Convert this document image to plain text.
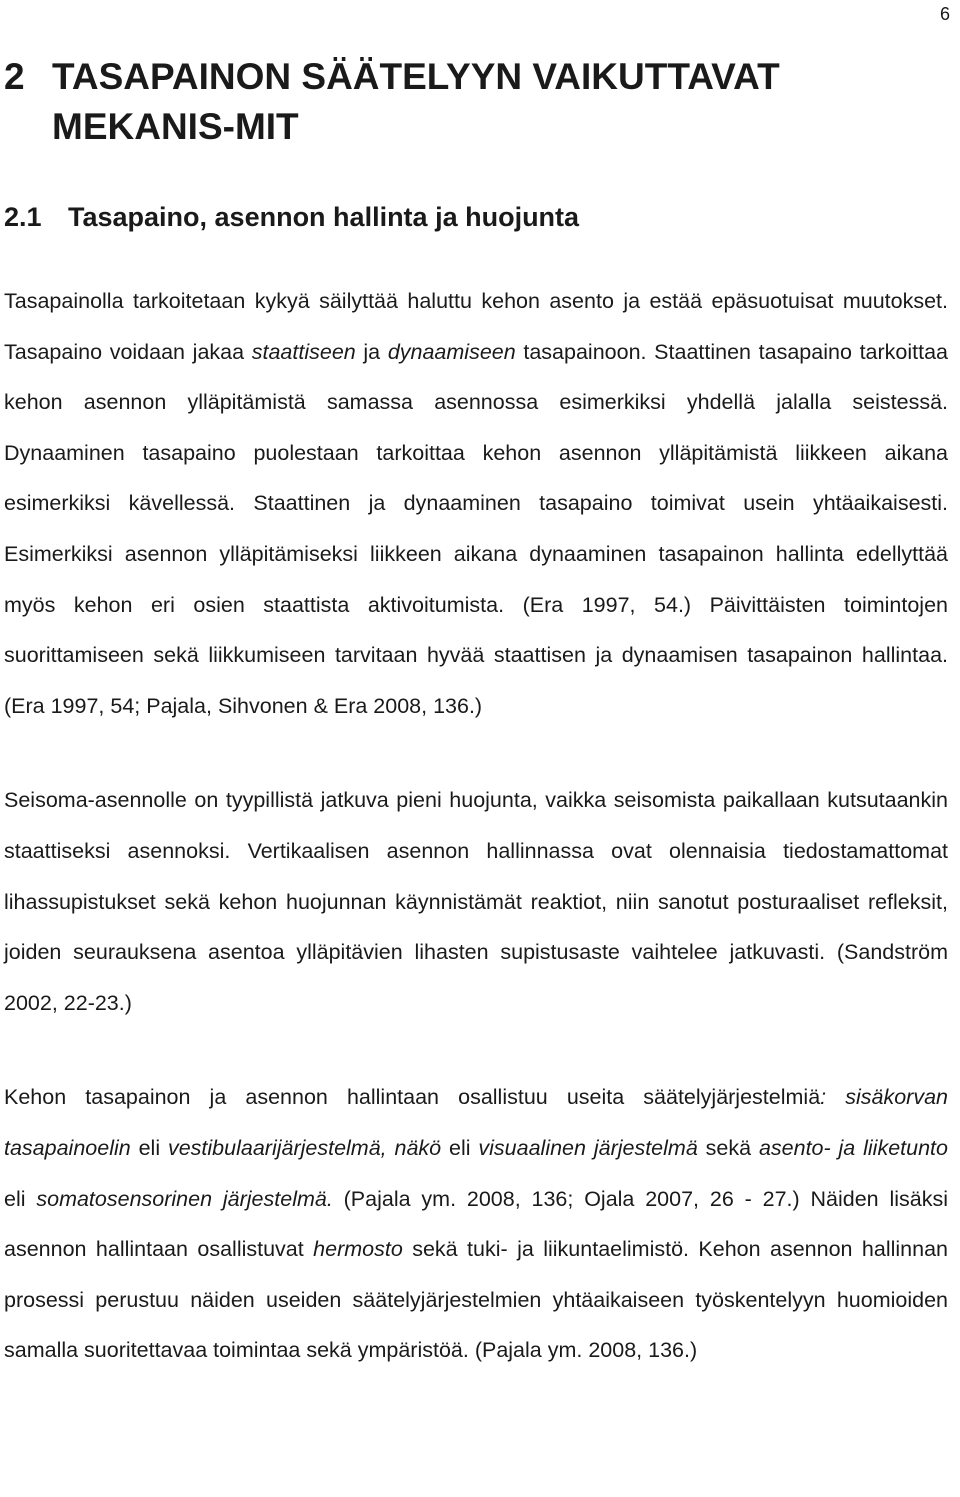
6
2 TASAPAINON SÄÄTELYYN VAIKUTTAVAT MEKANIS-MIT
2.1 Tasapaino, asennon hallinta ja huojunta

Tasapainolla tarkoitetaan kykyä säilyttää haluttu kehon asento ja estää epäsuotuisat muutokset. Tasapaino voidaan jakaa staattiseen ja dynaamiseen tasapainoon. Staattinen tasapaino tarkoittaa kehon asennon ylläpitämistä samassa asennossa esimerkiksi yhdellä jalalla seistessä. Dynaaminen tasapaino puolestaan tarkoittaa kehon asennon ylläpitämistä liikkeen aikana esimerkiksi kävellessä. Staattinen ja dynaaminen tasapaino toimivat usein yhtäaikaisesti. Esimerkiksi asennon ylläpitämiseksi liikkeen aikana dynaaminen tasapainon hallinta edellyttää myös kehon eri osien staattista aktivoitumista. (Era 1997, 54.) Päivittäisten toimintojen suorittamiseen sekä liikkumiseen tarvitaan hyvää staattisen ja dynaamisen tasapainon hallintaa. (Era 1997, 54; Pajala, Sihvonen & Era 2008, 136.)

Seisoma-asennolle on tyypillistä jatkuva pieni huojunta, vaikka seisomista paikallaan kutsutaankin staattiseksi asennoksi. Vertikaalisen asennon hallinnassa ovat olennaisia tiedostamattomat lihassupistukset sekä kehon huojunnan käynnistämät reaktiot, niin sanotut posturaaliset refleksit, joiden seurauksena asentoa ylläpitävien lihasten supistusaste vaihtelee jatkuvasti. (Sandström 2002, 22-23.)

Kehon tasapainon ja asennon hallintaan osallistuu useita säätelyjärjestelmiä: sisäkorvan tasapainoelin eli vestibulaarijärjestelmä, näkö eli visuaalinen järjestelmä sekä asento- ja liiketunto eli somatosensorinen järjestelmä. (Pajala ym. 2008, 136; Ojala 2007, 26 - 27.) Näiden lisäksi asennon hallintaan osallistuvat hermosto sekä tuki- ja liikuntaelimistö. Kehon asennon hallinnan prosessi perustuu näiden useiden säätelyjärjestelmien yhtäaikaiseen työskentelyyn huomioiden samalla suoritettavaa toimintaa sekä ympäristöä. (Pajala ym. 2008, 136.)
